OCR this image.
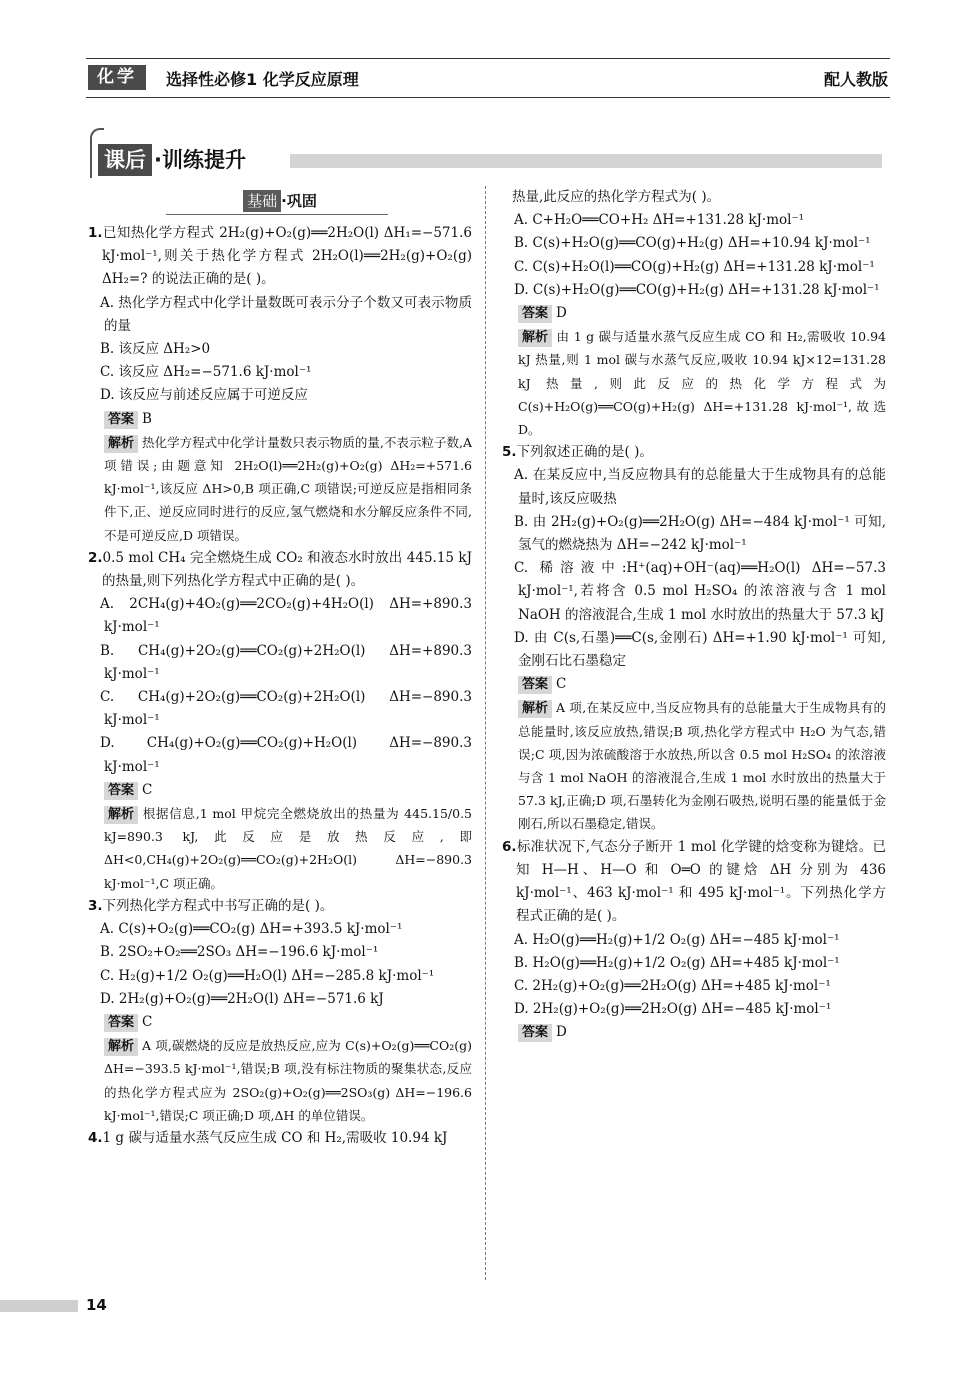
化学	选择性必修1 化学反应原理	配人教版
课后 ·训练提升
基础 ·巩固

1.已知热化学方程式 2H₂(g)+O₂(g)══2H₂O(l) ΔH₁=−571.6 kJ·mol⁻¹,则关于热化学方程式 2H₂O(l)══2H₂(g)+O₂(g) ΔH₂=? 的说法正确的是( )。

A. 热化学方程式中化学计量数既可表示分子个数又可表示物质的量

B. 该反应 ΔH₂>0

C. 该反应 ΔH₂=−571.6 kJ·mol⁻¹

D. 该反应与前述反应属于可逆反应

答案 B

解析 热化学方程式中化学计量数只表示物质的量,不表示粒子数,A 项错误;由题意知 2H₂O(l)══2H₂(g)+O₂(g) ΔH₂=+571.6 kJ·mol⁻¹,该反应 ΔH>0,B 项正确,C 项错误;可逆反应是指相同条件下,正、逆反应同时进行的反应,氢气燃烧和水分解反应条件不同,不是可逆反应,D 项错误。

2.0.5 mol CH₄ 完全燃烧生成 CO₂ 和液态水时放出 445.15 kJ 的热量,则下列热化学方程式中正确的是( )。

A. 2CH₄(g)+4O₂(g)══2CO₂(g)+4H₂O(l) ΔH=+890.3 kJ·mol⁻¹

B. CH₄(g)+2O₂(g)══CO₂(g)+2H₂O(l) ΔH=+890.3 kJ·mol⁻¹

C. CH₄(g)+2O₂(g)══CO₂(g)+2H₂O(l) ΔH=−890.3 kJ·mol⁻¹

D. CH₄(g)+O₂(g)══CO₂(g)+H₂O(l) ΔH=−890.3 kJ·mol⁻¹

答案 C

解析 根据信息,1 mol 甲烷完全燃烧放出的热量为 445.15/0.5 kJ=890.3 kJ,此反应是放热反应,即 ΔH<0,CH₄(g)+2O₂(g)══CO₂(g)+2H₂O(l) ΔH=−890.3 kJ·mol⁻¹,C 项正确。

3.下列热化学方程式中书写正确的是( )。

A. C(s)+O₂(g)══CO₂(g) ΔH=+393.5 kJ·mol⁻¹

B. 2SO₂+O₂══2SO₃ ΔH=−196.6 kJ·mol⁻¹

C. H₂(g)+1/2 O₂(g)══H₂O(l) ΔH=−285.8 kJ·mol⁻¹

D. 2H₂(g)+O₂(g)══2H₂O(l) ΔH=−571.6 kJ

答案 C

解析 A 项,碳燃烧的反应是放热反应,应为 C(s)+O₂(g)══CO₂(g) ΔH=−393.5 kJ·mol⁻¹,错误;B 项,没有标注物质的聚集状态,反应的热化学方程式应为 2SO₂(g)+O₂(g)══2SO₃(g) ΔH=−196.6 kJ·mol⁻¹,错误;C 项正确;D 项,ΔH 的单位错误。

4.1 g 碳与适量水蒸气反应生成 CO 和 H₂,需吸收 10.94 kJ

热量,此反应的热化学方程式为( )。

A. C+H₂O══CO+H₂ ΔH=+131.28 kJ·mol⁻¹

B. C(s)+H₂O(g)══CO(g)+H₂(g) ΔH=+10.94 kJ·mol⁻¹

C. C(s)+H₂O(l)══CO(g)+H₂(g) ΔH=+131.28 kJ·mol⁻¹

D. C(s)+H₂O(g)══CO(g)+H₂(g) ΔH=+131.28 kJ·mol⁻¹

答案 D

解析 由 1 g 碳与适量水蒸气反应生成 CO 和 H₂,需吸收 10.94 kJ 热量,则 1 mol 碳与水蒸气反应,吸收 10.94 kJ×12=131.28 kJ 热量,则此反应的热化学方程式为 C(s)+H₂O(g)══CO(g)+H₂(g) ΔH=+131.28 kJ·mol⁻¹,故选 D。

5.下列叙述正确的是( )。

A. 在某反应中,当反应物具有的总能量大于生成物具有的总能量时,该反应吸热

B. 由 2H₂(g)+O₂(g)══2H₂O(g) ΔH=−484 kJ·mol⁻¹ 可知,氢气的燃烧热为 ΔH=−242 kJ·mol⁻¹

C. 稀溶液中:H⁺(aq)+OH⁻(aq)══H₂O(l) ΔH=−57.3 kJ·mol⁻¹,若将含 0.5 mol H₂SO₄ 的浓溶液与含 1 mol NaOH 的溶液混合,生成 1 mol 水时放出的热量大于 57.3 kJ

D. 由 C(s,石墨)══C(s,金刚石) ΔH=+1.90 kJ·mol⁻¹ 可知,金刚石比石墨稳定

答案 C

解析 A 项,在某反应中,当反应物具有的总能量大于生成物具有的总能量时,该反应放热,错误;B 项,热化学方程式中 H₂O 为气态,错误;C 项,因为浓硫酸溶于水放热,所以含 0.5 mol H₂SO₄ 的浓溶液与含 1 mol NaOH 的溶液混合,生成 1 mol 水时放出的热量大于 57.3 kJ,正确;D 项,石墨转化为金刚石吸热,说明石墨的能量低于金刚石,所以石墨稳定,错误。

6.标准状况下,气态分子断开 1 mol 化学键的焓变称为键焓。已知 H—H、H—O 和 O═O 的键焓 ΔH 分别为 436 kJ·mol⁻¹、463 kJ·mol⁻¹ 和 495 kJ·mol⁻¹。下列热化学方程式正确的是( )。

A. H₂O(g)══H₂(g)+1/2 O₂(g) ΔH=−485 kJ·mol⁻¹

B. H₂O(g)══H₂(g)+1/2 O₂(g) ΔH=+485 kJ·mol⁻¹

C. 2H₂(g)+O₂(g)══2H₂O(g) ΔH=+485 kJ·mol⁻¹

D. 2H₂(g)+O₂(g)══2H₂O(g) ΔH=−485 kJ·mol⁻¹

答案 D

14
